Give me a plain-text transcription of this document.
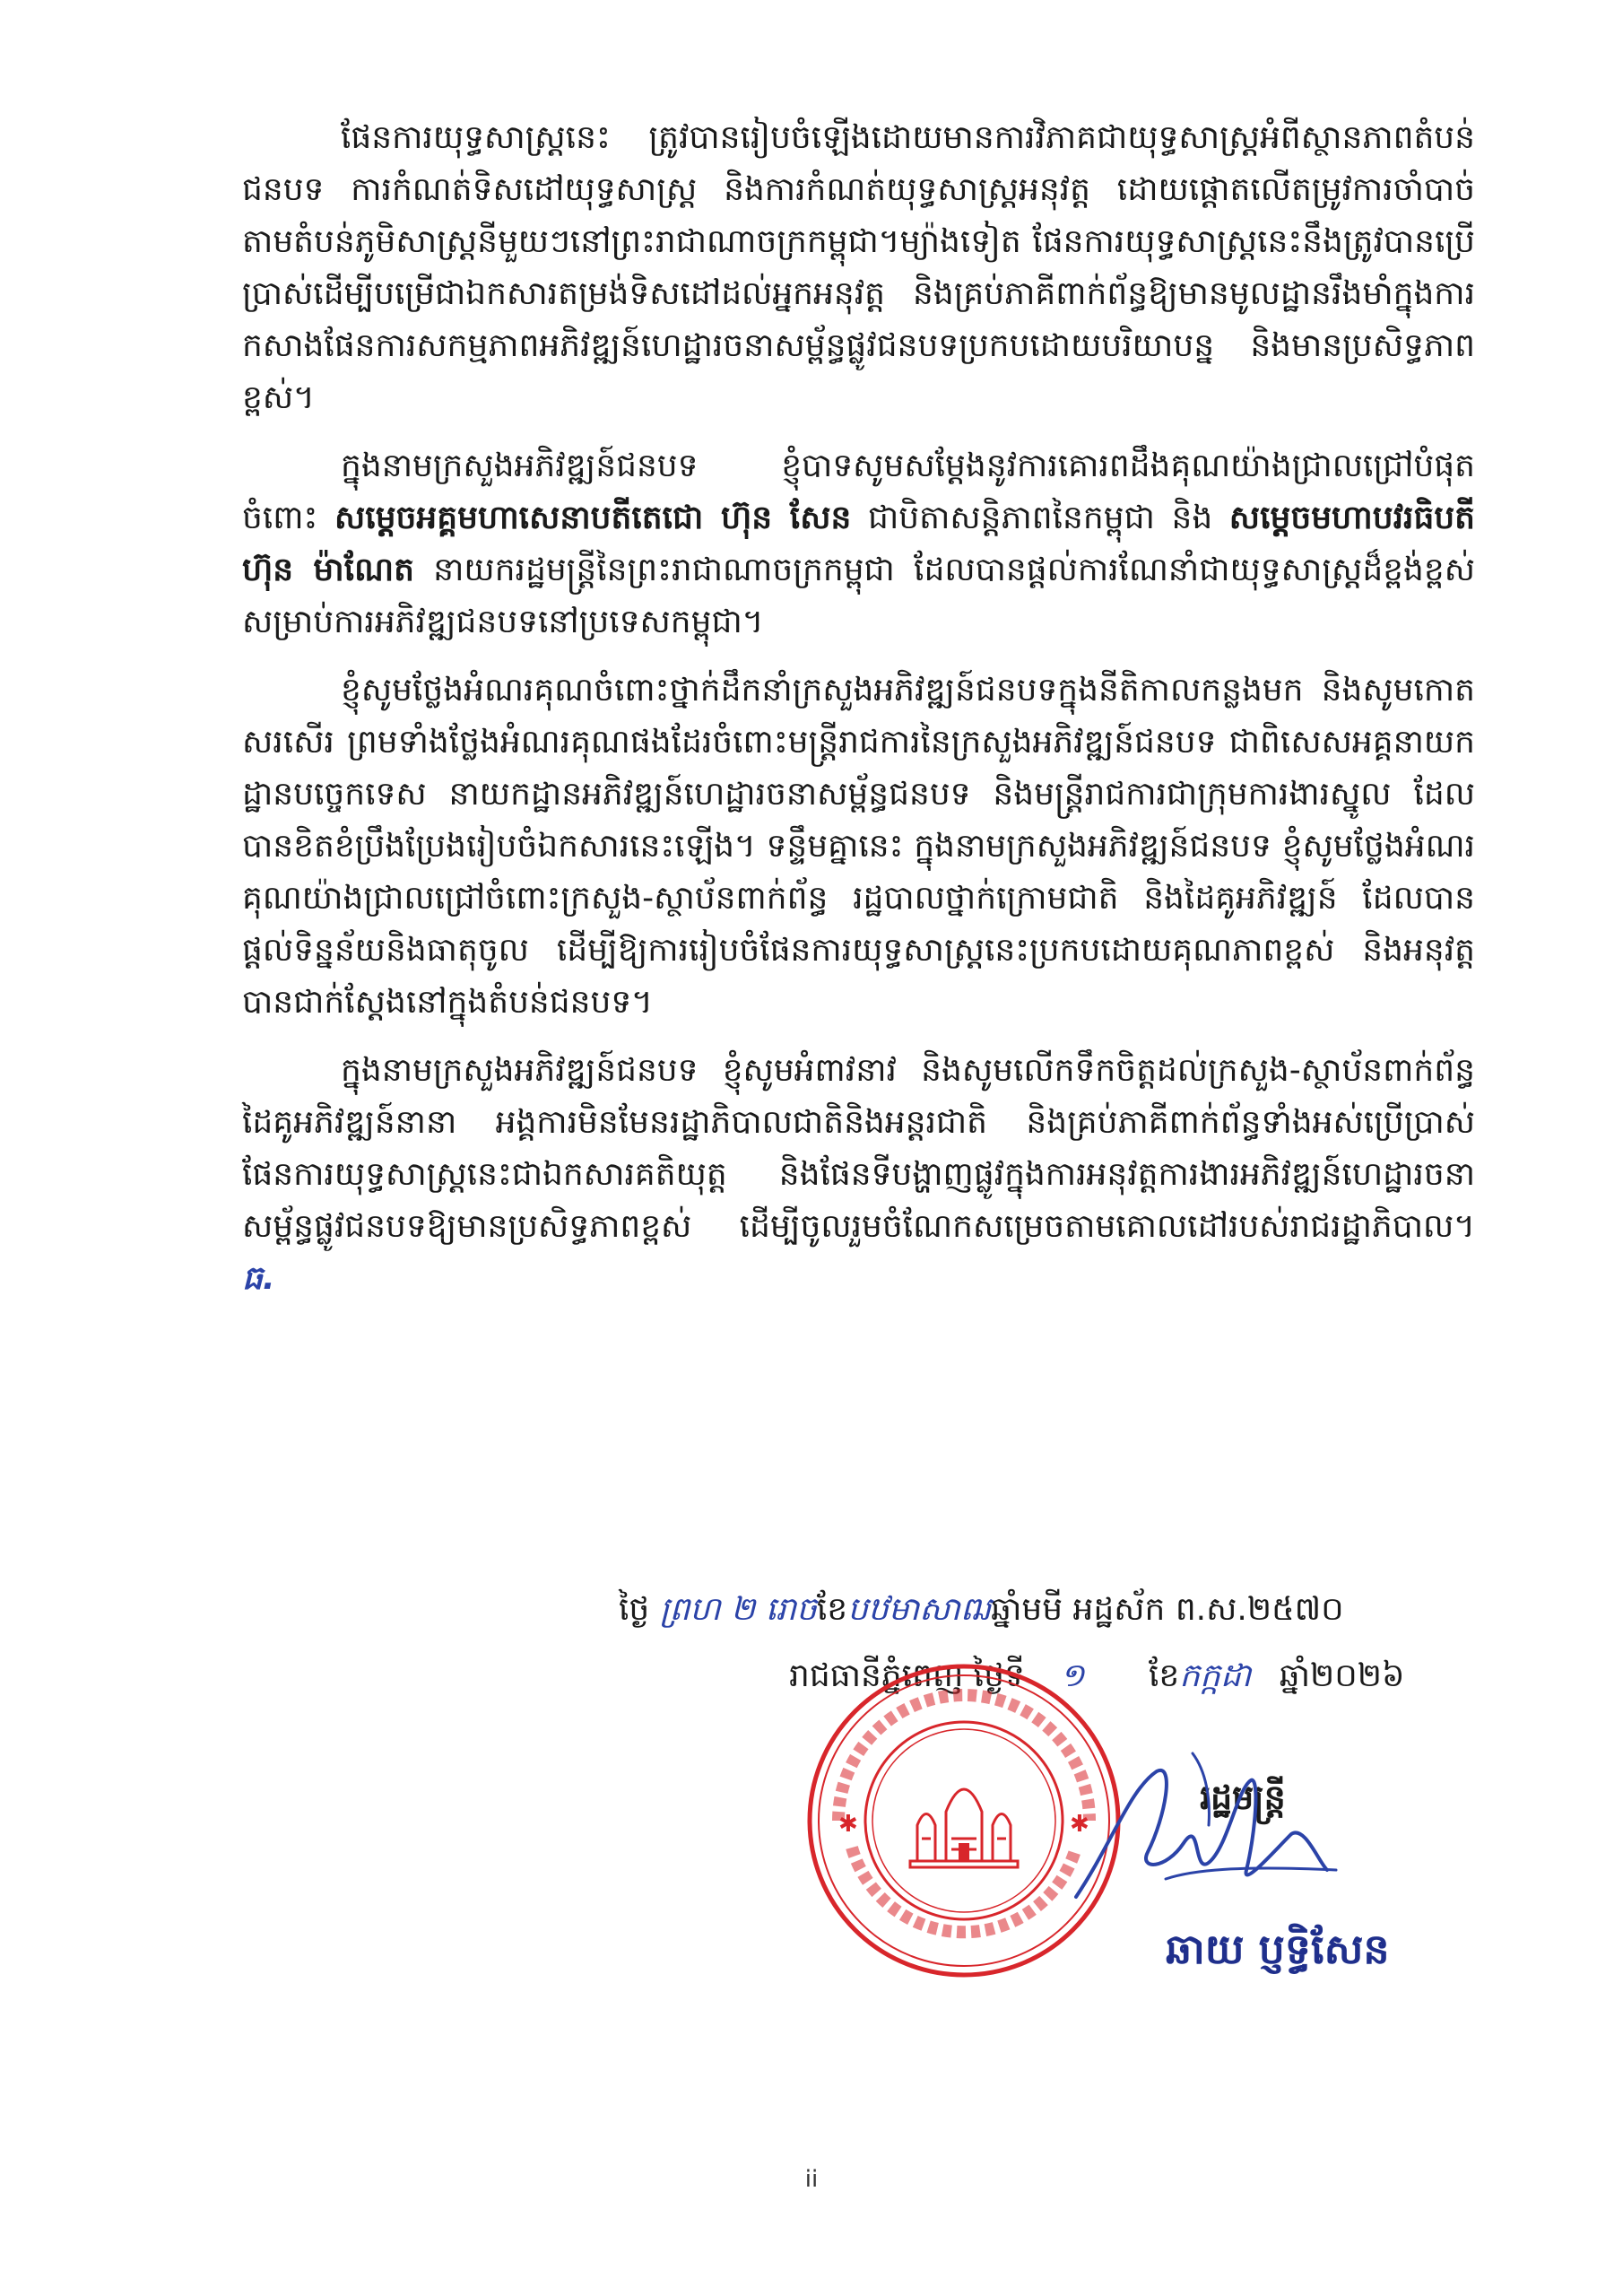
ផែនការយុទ្ធសាស្ត្រនេះ ត្រូវបានរៀបចំឡើងដោយមានការវិភាគជាយុទ្ធសាស្ត្រអំពីស្ថានភាពតំបន់ជនបទ ការកំណត់ទិសដៅយុទ្ធសាស្ត្រ និងការកំណត់យុទ្ធសាស្ត្រអនុវត្ត ដោយផ្ដោតលើតម្រូវការចាំបាច់តាមតំបន់ភូមិសាស្ត្រនីមួយៗនៅព្រះរាជាណាចក្រកម្ពុជា។ម្យ៉ាងទៀត ផែនការយុទ្ធសាស្ត្រនេះនឹងត្រូវបានប្រើប្រាស់ដើម្បីបម្រើជាឯកសារតម្រង់ទិសដៅដល់អ្នកអនុវត្ត និងគ្រប់ភាគីពាក់ព័ន្ធឱ្យមានមូលដ្ឋានរឹងមាំក្នុងការកសាងផែនការសកម្មភាពអភិវឌ្ឍន៍ហេដ្ឋារចនាសម្ព័ន្ធផ្លូវជនបទប្រកបដោយបរិយាបន្ន និងមានប្រសិទ្ធភាពខ្ពស់។

ក្នុងនាមក្រសួងអភិវឌ្ឍន៍ជនបទ ខ្ញុំបាទសូមសម្ដែងនូវការគោរពដឹងគុណយ៉ាងជ្រាលជ្រៅបំផុតចំពោះ សម្តេចអគ្គមហាសេនាបតីតេជោ ហ៊ុន សែន ជាបិតាសន្តិភាពនៃកម្ពុជា និង សម្តេចមហាបវរធិបតី ហ៊ុន ម៉ាណែត នាយករដ្ឋមន្ត្រីនៃព្រះរាជាណាចក្រកម្ពុជា ដែលបានផ្ដល់ការណែនាំជាយុទ្ធសាស្ត្រដ៏ខ្ពង់ខ្ពស់សម្រាប់ការអភិវឌ្ឍជនបទនៅប្រទេសកម្ពុជា។

ខ្ញុំសូមថ្លែងអំណរគុណចំពោះថ្នាក់ដឹកនាំក្រសួងអភិវឌ្ឍន៍ជនបទក្នុងនីតិកាលកន្លងមក និងសូមកោតសរសើរ ព្រមទាំងថ្លែងអំណរគុណផងដែរចំពោះមន្ត្រីរាជការនៃក្រសួងអភិវឌ្ឍន៍ជនបទ ជាពិសេសអគ្គនាយកដ្ឋានបច្ចេកទេស នាយកដ្ឋានអភិវឌ្ឍន៍ហេដ្ឋារចនាសម្ព័ន្ធជនបទ និងមន្ត្រីរាជការជាក្រុមការងារស្នូល ដែលបានខិតខំប្រឹងប្រែងរៀបចំឯកសារនេះឡើង។ ទន្ទឹមគ្នានេះ ក្នុងនាមក្រសួងអភិវឌ្ឍន៍ជនបទ ខ្ញុំសូមថ្លែងអំណរគុណយ៉ាងជ្រាលជ្រៅចំពោះក្រសួង-ស្ថាប័នពាក់ព័ន្ធ រដ្ឋបាលថ្នាក់ក្រោមជាតិ និងដៃគូអភិវឌ្ឍន៍ ដែលបានផ្ដល់ទិន្នន័យនិងធាតុចូល ដើម្បីឱ្យការរៀបចំផែនការយុទ្ធសាស្ត្រនេះប្រកបដោយគុណភាពខ្ពស់ និងអនុវត្តបានជាក់ស្ដែងនៅក្នុងតំបន់ជនបទ។

ក្នុងនាមក្រសួងអភិវឌ្ឍន៍ជនបទ ខ្ញុំសូមអំពាវនាវ និងសូមលើកទឹកចិត្តដល់ក្រសួង-ស្ថាប័នពាក់ព័ន្ធ ដៃគូអភិវឌ្ឍន៍នានា អង្គការមិនមែនរដ្ឋាភិបាលជាតិនិងអន្តរជាតិ និងគ្រប់ភាគីពាក់ព័ន្ធទាំងអស់ប្រើប្រាស់ផែនការយុទ្ធសាស្ត្រនេះជាឯកសារគតិយុត្ត និងផែនទីបង្ហាញផ្លូវក្នុងការអនុវត្តការងារអភិវឌ្ឍន៍ហេដ្ឋារចនាសម្ព័ន្ធផ្លូវជនបទឱ្យមានប្រសិទ្ធភាពខ្ពស់ ដើម្បីចូលរួមចំណែកសម្រេចតាមគោលដៅរបស់រាជរដ្ឋាភិបាល។ ធ.

ថ្ងៃ ព្រហ ២ រោចខែបឋមាសាឍឆ្នាំមមី អដ្ឋស័ក ព.ស.២៥៧០
រាជធានីភ្នំពេញ ថ្ងៃទី ១ ខែកក្កដា ឆ្នាំ២០២៦
✱	✱
រដ្ឋមន្ត្រី
ឆាយ ប្ញទ្ធិសែន
ii
